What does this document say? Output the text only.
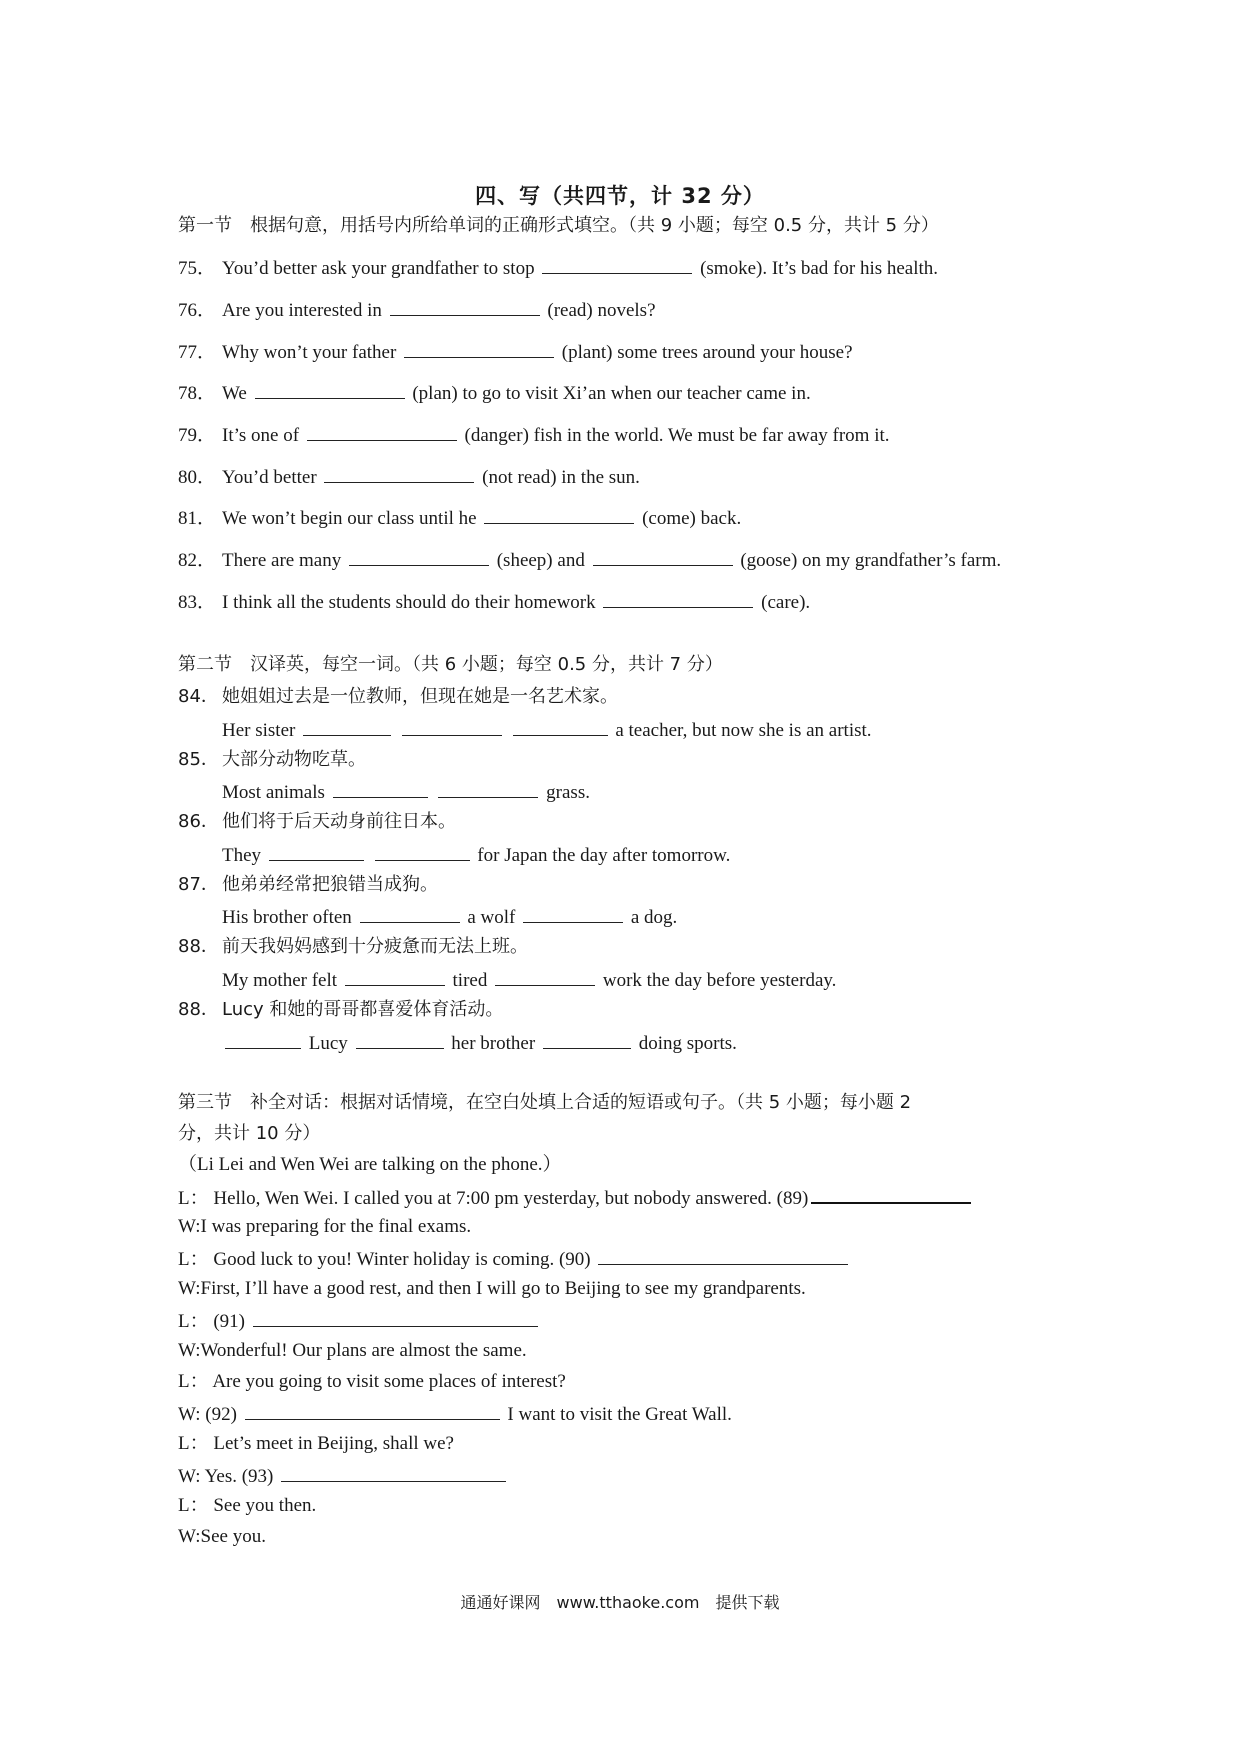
四、写（共四节，计 32 分）
第一节　根据句意，用括号内所给单词的正确形式填空。（共 9 小题；每空 0.5 分，共计 5 分）
75． You’d better ask your grandfather to stop	(smoke). It’s bad for his health.
76． Are you interested in	(read) novels?
77． Why won’t your father	(plant) some trees around your house?
78． We	(plan) to go to visit Xi’an when our teacher came in.
79． It’s one of	(danger) fish in the world. We must be far away from it.
80． You’d better	(not read) in the sun.
81． We won’t begin our class until he	(come) back.
82． There are many	(sheep) and	(goose) on my grandfather’s farm.
83． I think all the students should do their homework	(care).
第二节　汉译英，每空一词。（共 6 小题；每空 0.5 分，共计 7 分）
84． 她姐姐过去是一位教师，但现在她是一名艺术家。
Her sister	a teacher, but now she is an artist.
85． 大部分动物吃草。
Most animals	grass.
86． 他们将于后天动身前往日本。
They	for Japan the day after tomorrow.
87． 他弟弟经常把狼错当成狗。
His brother often	a wolf	a dog.
88． 前天我妈妈感到十分疲惫而无法上班。
My mother felt	tired	work the day before yesterday.
88． Lucy 和她的哥哥都喜爱体育活动。
Lucy	her brother	doing sports.
第三节　补全对话：根据对话情境，在空白处填上合适的短语或句子。（共 5 小题；每小题 2
分，共计 10 分）
（Li Lei and Wen Wei are talking on the phone.）
L： Hello, Wen Wei. I called you at 7:00 pm yesterday, but nobody answered. (89)
W:I was preparing for the final exams.
L： Good luck to you! Winter holiday is coming. (90)
W:First, I’ll have a good rest, and then I will go to Beijing to see my grandparents.
L： (91)
W:Wonderful! Our plans are almost the same.
L： Are you going to visit some places of interest?
W: (92)	I want to visit the Great Wall.
L： Let’s meet in Beijing, shall we?
W: Yes. (93)
L： See you then.
W:See you.
通通好课网　www.tthaoke.com　提供下载
